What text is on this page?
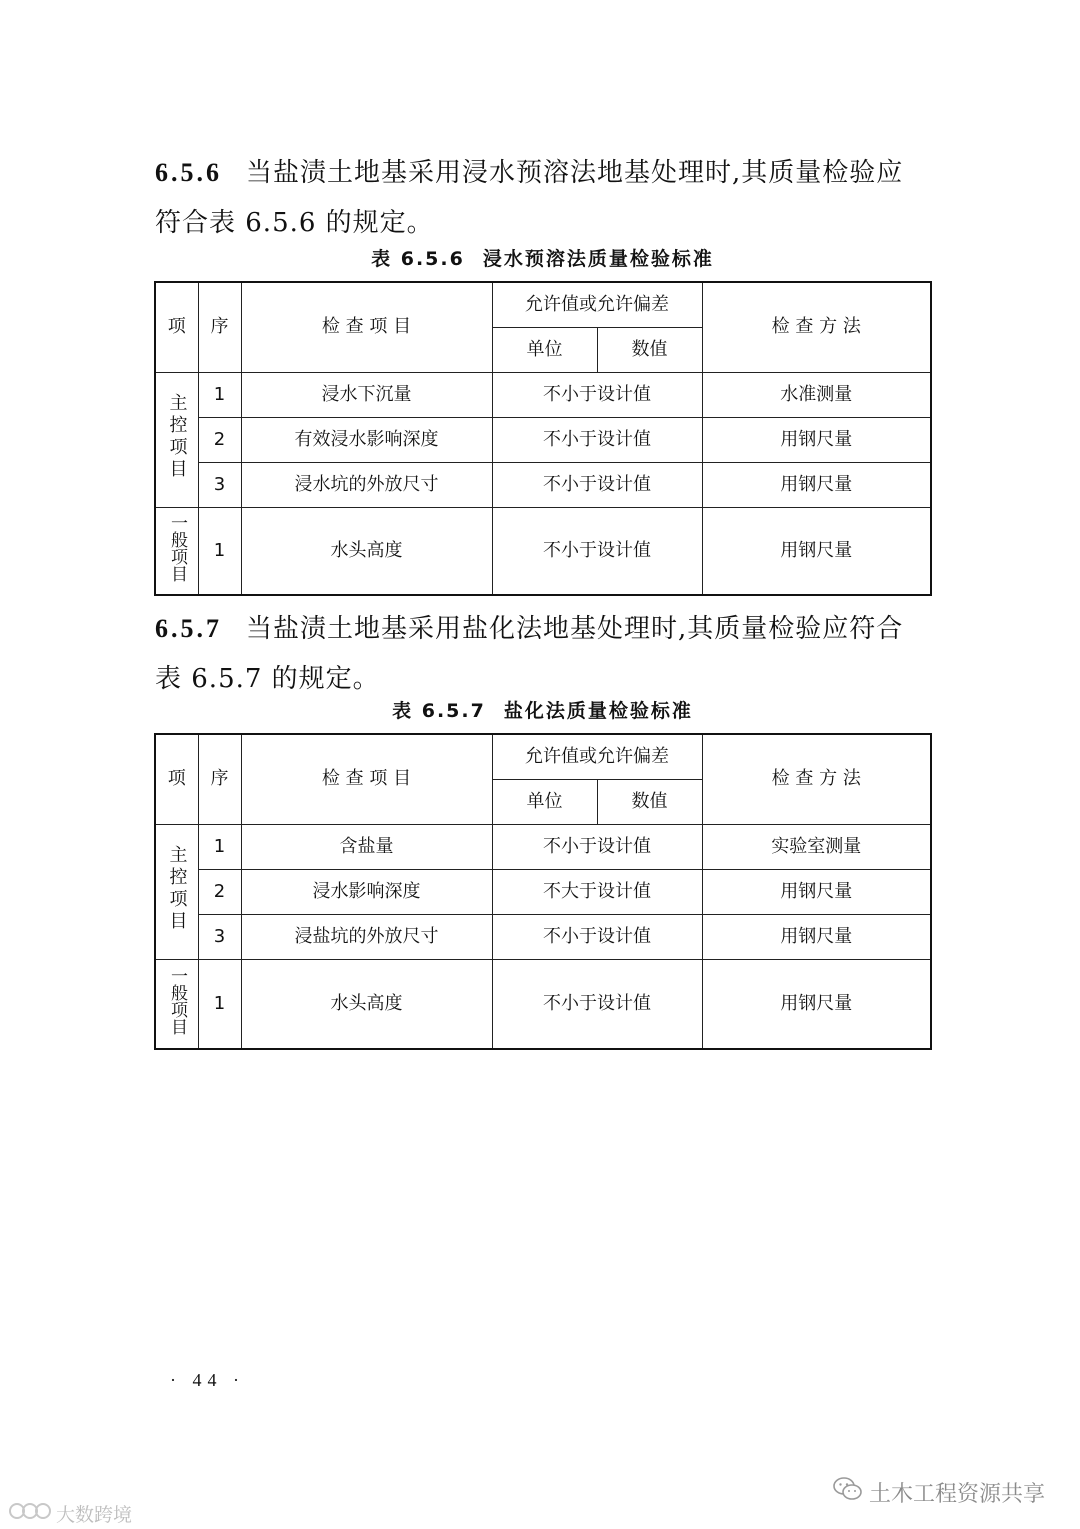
6.5.6 当盐渍土地基采用浸水预溶法地基处理时,其质量检验应
符合表 6.5.6 的规定。

表 6.5.6 浸水预溶法质量检验标准
项	序	检 查 项 目	允许值或允许偏差		检 查 方 法
			单位	数值	
主控项目	1	浸水下沉量	不小于设计值		水准测量
	2	有效浸水影响深度	不小于设计值		用钢尺量
	3	浸水坑的外放尺寸	不小于设计值		用钢尺量
一般项目	1	水头高度	不小于设计值		用钢尺量

6.5.7 当盐渍土地基采用盐化法地基处理时,其质量检验应符合
表 6.5.7 的规定。

表 6.5.7 盐化法质量检验标准
项	序	检 查 项 目	允许值或允许偏差		检 查 方 法
			单位	数值	
主控项目	1	含盐量	不小于设计值		实验室测量
	2	浸水影响深度	不大于设计值		用钢尺量
	3	浸盐坑的外放尺寸	不小于设计值		用钢尺量
一般项目	1	水头高度	不小于设计值		用钢尺量
· 44 ·
土木工程资源共享
大数跨境
